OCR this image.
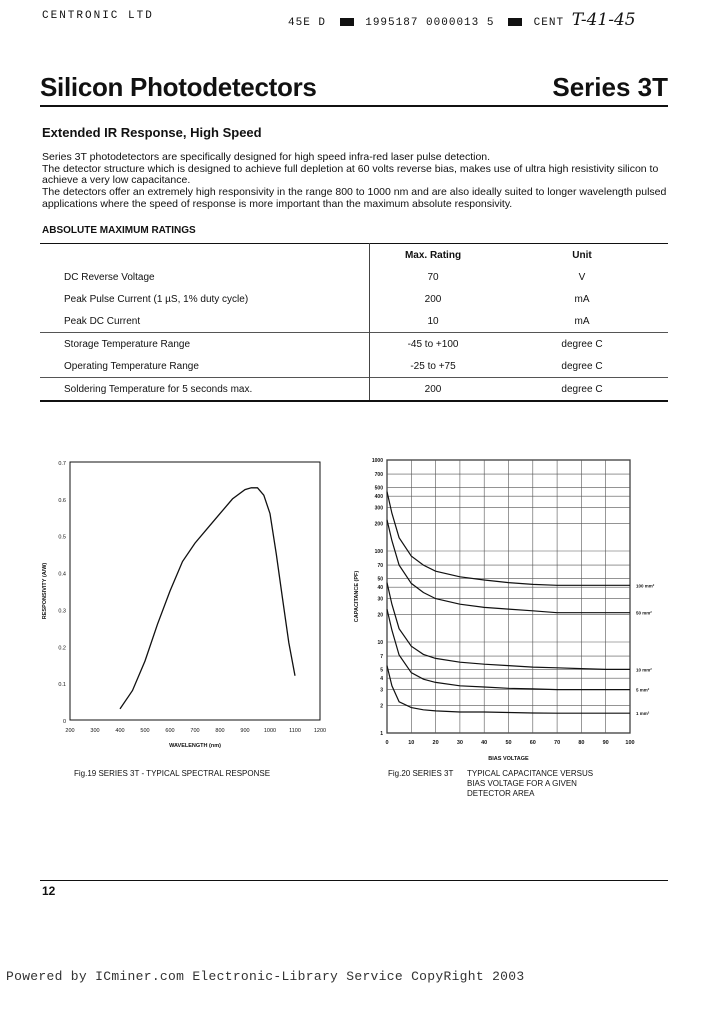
CENTRONIC LTD
45E D	1995187 0000013 5	CENT T-41-45
Silicon Photodetectors	Series 3T
Extended IR Response, High Speed

Series 3T photodetectors are specifically designed for high speed infra-red laser pulse detection.

The detector structure which is designed to achieve full depletion at 60 volts reverse bias, makes use of ultra high resistivity silicon to achieve a very low capacitance.

The detectors offer an extremely high responsivity in the range 800 to 1000 nm and are also ideally suited to longer wavelength pulsed applications where the speed of response is more important than the maximum absolute responsivity.

ABSOLUTE MAXIMUM RATINGS
	Max. Rating	Unit
DC Reverse Voltage	70	V
Peak Pulse Current (1 µS, 1% duty cycle)	200	mA
Peak DC Current	10	mA
Storage Temperature Range	-45 to +100	degree C
Operating Temperature Range	-25 to +75	degree C
Soldering Temperature for 5 seconds max.	200	degree C
0
0.1
0.2
0.3
0.4
0.5
0.6
0.7
200	300	400	500	600	700	800	900	1000 1100 1200
WAVELENGTH (nm)
RESPONSIVITY (A/W)
0	10	20	30	40	50	60	70	80	90	100
1
2
3
4
5
7
10
20
30
40
50
70
100
200
300
400
500
700
1000
BIAS VOLTAGE
CAPACITANCE (PF)	100 mm²
50 mm²
10 mm²
5 mm²
1 mm²
Fig.19 SERIES 3T - TYPICAL SPECTRAL RESPONSE	Fig.20 SERIES 3T TYPICAL CAPACITANCE VERSUS
BIAS VOLTAGE FOR A GIVEN
DETECTOR AREA
12
Powered by ICminer.com Electronic-Library Service CopyRight 2003
